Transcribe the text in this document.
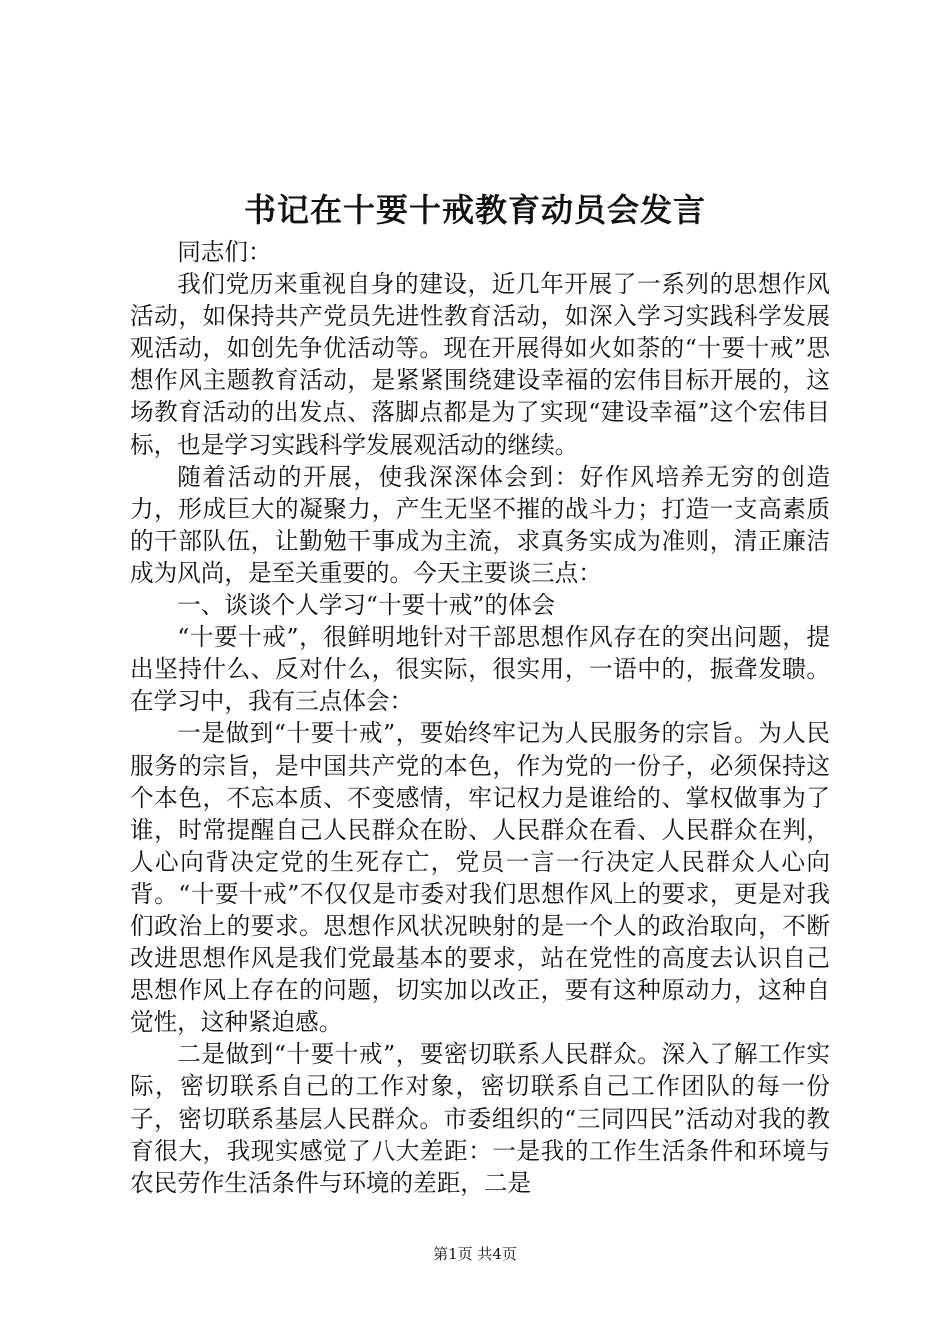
书记在十要十戒教育动员会发言

同志们：

我们党历来重视自身的建设，近几年开展了一系列的思想作风活动，如保持共产党员先进性教育活动，如深入学习实践科学发展观活动，如创先争优活动等。现在开展得如火如荼的“十要十戒”思想作风主题教育活动，是紧紧围绕建设幸福的宏伟目标开展的，这场教育活动的出发点、落脚点都是为了实现“建设幸福”这个宏伟目标，也是学习实践科学发展观活动的继续。

随着活动的开展，使我深深体会到：好作风培养无穷的创造力，形成巨大的凝聚力，产生无坚不摧的战斗力；打造一支高素质的干部队伍，让勤勉干事成为主流，求真务实成为准则，清正廉洁成为风尚，是至关重要的。今天主要谈三点：

一、谈谈个人学习“十要十戒”的体会

“十要十戒”，很鲜明地针对干部思想作风存在的突出问题，提出坚持什么、反对什么，很实际，很实用，一语中的，振聋发聩。在学习中，我有三点体会：

一是做到“十要十戒”，要始终牢记为人民服务的宗旨。为人民服务的宗旨，是中国共产党的本色，作为党的一份子，必须保持这个本色，不忘本质、不变感情，牢记权力是谁给的、掌权做事为了谁，时常提醒自己人民群众在盼、人民群众在看、人民群众在判，人心向背决定党的生死存亡，党员一言一行决定人民群众人心向背。“十要十戒”不仅仅是市委对我们思想作风上的要求，更是对我们政治上的要求。思想作风状况映射的是一个人的政治取向，不断改进思想作风是我们党最基本的要求，站在党性的高度去认识自己思想作风上存在的问题，切实加以改正，要有这种原动力，这种自觉性，这种紧迫感。

二是做到“十要十戒”，要密切联系人民群众。深入了解工作实际，密切联系自己的工作对象，密切联系自己工作团队的每一份子，密切联系基层人民群众。市委组织的“三同四民”活动对我的教育很大，我现实感觉了八大差距：一是我的工作生活条件和环境与农民劳作生活条件与环境的差距，二是

第1页 共4页
